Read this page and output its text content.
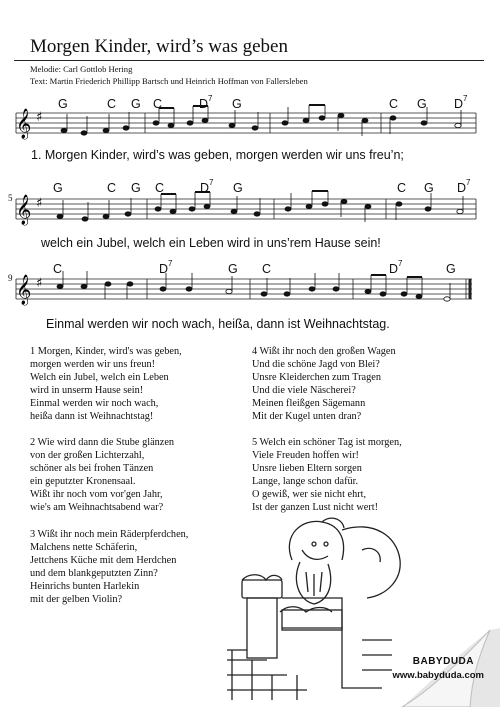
Morgen Kinder, wird’s was geben
Melodie: Carl Gottlob Hering
Text: Martin Friederich Phillipp Bartsch und Heinrich Hoffman von Fallersleben
G	C G C	$D^7$ G	C G $D^7$
𝄞 ♯
1. Morgen Kinder, wird’s was geben, morgen werden wir uns freu’n;
5
G	C G C	$D^7$ G	C G $D^7$
𝄞 ♯
welch ein Jubel, welch ein Leben wird in uns’rem Hause sein!
9
C	$D^7$	G C	$D^7$	G
𝄞 ♯
Einmal werden wir noch wach, heißa, dann ist Weihnachtstag.
1 Morgen, Kinder, wird's was geben,
morgen werden wir uns freun!
Welch ein Jubel, welch ein Leben
wird in unserm Hause sein!
Einmal werden wir noch wach,
heißa dann ist Weihnachtstag!
2 Wie wird dann die Stube glänzen
von der großen Lichterzahl,
schöner als bei frohen Tänzen
ein geputzter Kronensaal.
Wißt ihr noch vom vor'gen Jahr,
wie's am Weihnachtsabend war?
3 Wißt ihr noch mein Räderpferdchen,
Malchens nette Schäferin,
Jettchens Küche mit dem Herdchen
und dem blankgeputzten Zinn?
Heinrichs bunten Harlekin
mit der gelben Violin?
4 Wißt ihr noch den großen Wagen
Und die schöne Jagd von Blei?
Unsre Kleiderchen zum Tragen
Und die viele Näscherei?
Meinen fleißgen Sägemann
Mit der Kugel unten dran?
5 Welch ein schöner Tag ist morgen,
Viele Freuden hoffen wir!
Unsre lieben Eltern sorgen
Lange, lange schon dafür.
O gewiß, wer sie nicht ehrt,
Ist der ganzen Lust nicht wert!
BABYDUDA
www.babyduda.com
